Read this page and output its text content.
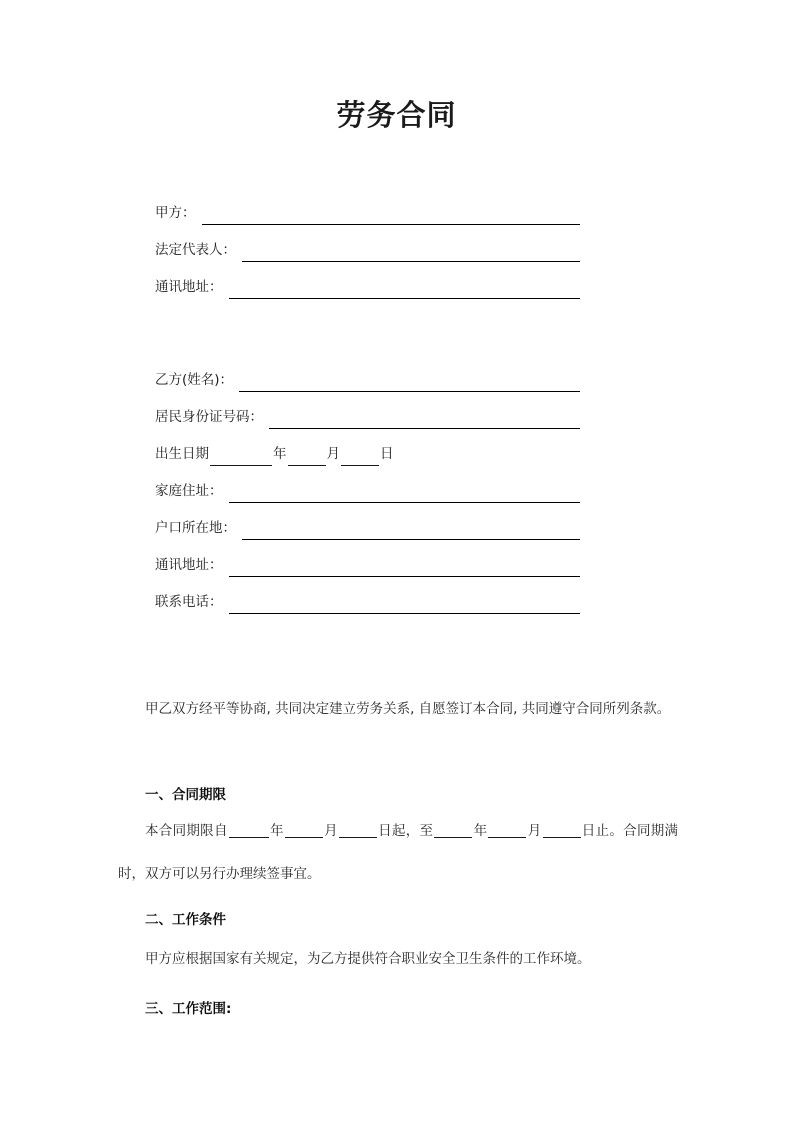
劳务合同
甲方：
法定代表人：
通讯地址：
乙方(姓名)：
居民身份证号码：
出生日期	年	月	日
家庭住址：
户口所在地：
通讯地址：
联系电话：

甲乙双方经平等协商, 共同决定建立劳务关系, 自愿签订本合同, 共同遵守合同所列条款。

一、合同期限

本合同期限自	年	月	日起，至	年	月	日止。合同期满时，双方可以另行办理续签事宜。

二、工作条件

甲方应根据国家有关规定，为乙方提供符合职业安全卫生条件的工作环境。

三、工作范围:
